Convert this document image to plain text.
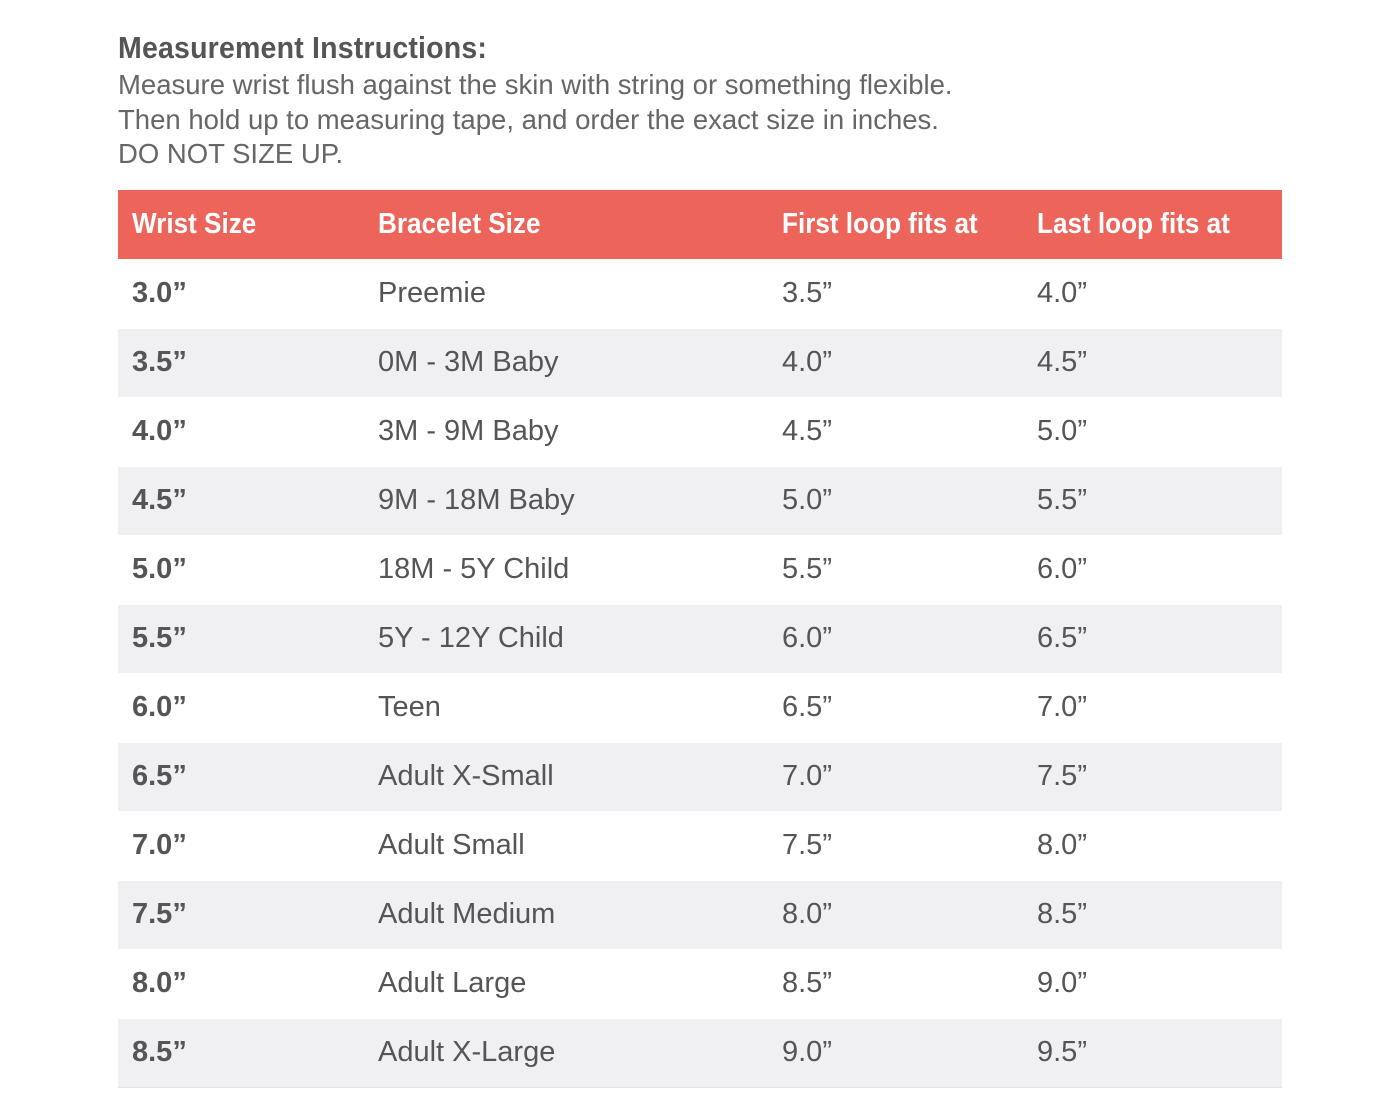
Measurement Instructions:

Measure wrist flush against the skin with string or something flexible.

Then hold up to measuring tape, and order the exact size in inches.

DO NOT SIZE UP.

Wrist Size	Bracelet Size	First loop fits at	Last loop fits at
3.0”	Preemie	3.5”	4.0”
3.5”	0M - 3M Baby	4.0”	4.5”
4.0”	3M - 9M Baby	4.5”	5.0”
4.5”	9M - 18M Baby	5.0”	5.5”
5.0”	18M - 5Y Child	5.5”	6.0”
5.5”	5Y - 12Y Child	6.0”	6.5”
6.0”	Teen	6.5”	7.0”
6.5”	Adult X-Small	7.0”	7.5”
7.0”	Adult Small	7.5”	8.0”
7.5”	Adult Medium	8.0”	8.5”
8.0”	Adult Large	8.5”	9.0”
8.5”	Adult X-Large	9.0”	9.5”
